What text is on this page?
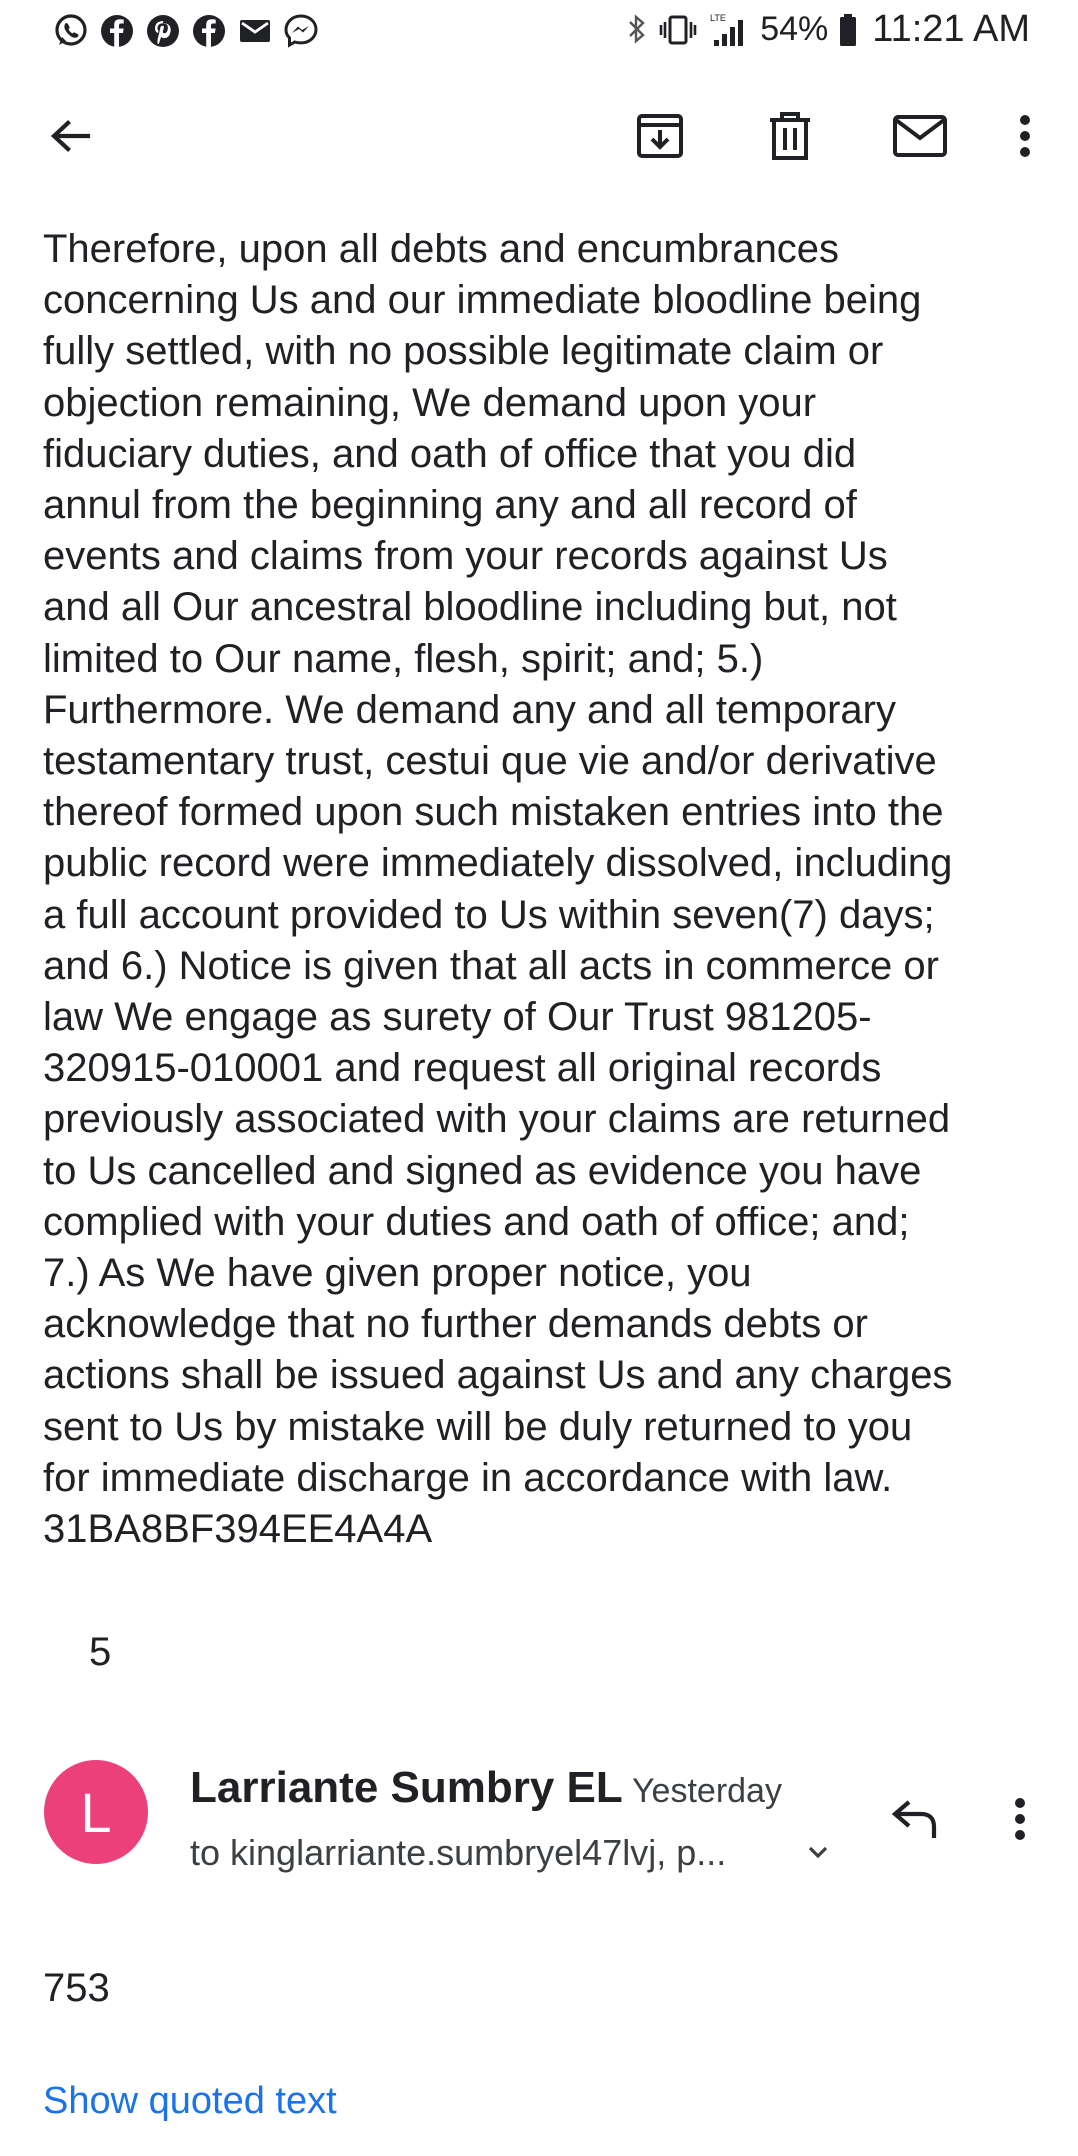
LTE 54% 11:21 AM
Therefore, upon all debts and encumbrances
concerning Us and our immediate bloodline being
fully settled, with no possible legitimate claim or
objection remaining, We demand upon your
fiduciary duties, and oath of office that you did
annul from the beginning any and all record of
events and claims from your records against Us
and all Our ancestral bloodline including but, not
limited to Our name, flesh, spirit; and; 5.)
Furthermore. We demand any and all temporary
testamentary trust, cestui que vie and/or derivative
thereof formed upon such mistaken entries into the
public record were immediately dissolved, including
a full account provided to Us within seven(7) days;
and 6.) Notice is given that all acts in commerce or
law We engage as surety of Our Trust 981205-
320915-010001 and request all original records
previously associated with your claims are returned
to Us cancelled and signed as evidence you have
complied with your duties and oath of office; and;
7.) As We have given proper notice, you
acknowledge that no further demands debts or
actions shall be issued against Us and any charges
sent to Us by mistake will be duly returned to you
for immediate discharge in accordance with law.
31BA8BF394EE4A4A
5
L	Larriante Sumbry EL Yesterday
to kinglarriante.sumbryel47lvj, p...
753
Show quoted text
